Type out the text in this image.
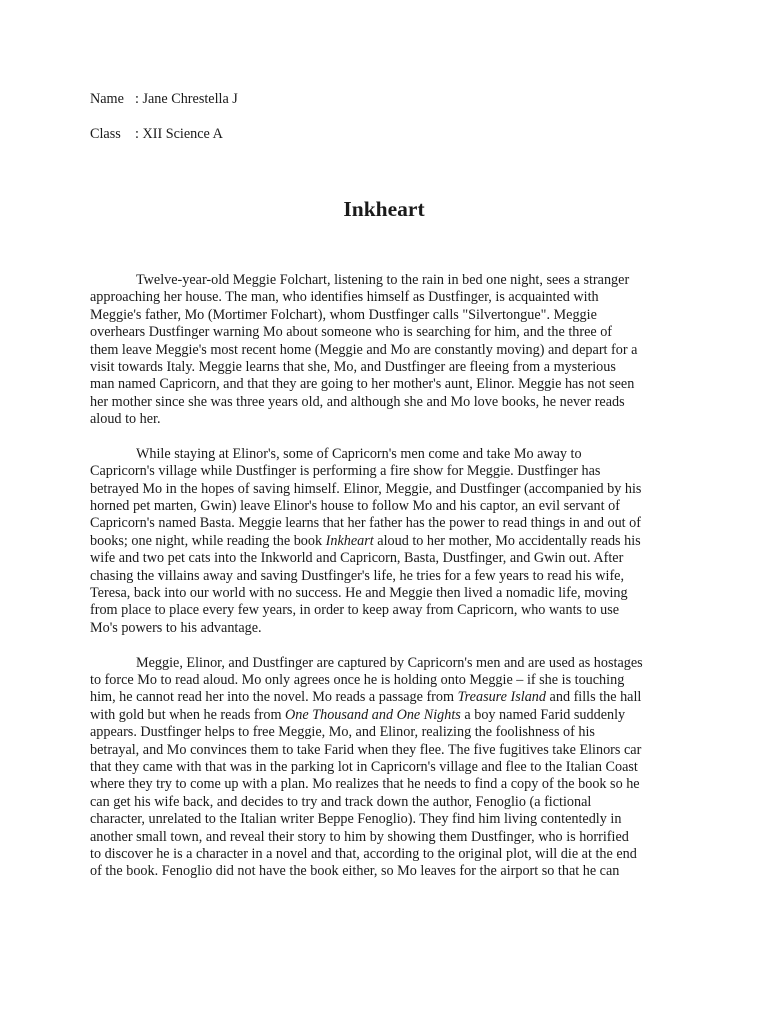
Name : Jane Chrestella J
Class : XII Science A
Inkheart
Twelve-year-old Meggie Folchart, listening to the rain in bed one night, sees a stranger
approaching her house. The man, who identifies himself as Dustfinger, is acquainted with
Meggie's father, Mo (Mortimer Folchart), whom Dustfinger calls "Silvertongue". Meggie
overhears Dustfinger warning Mo about someone who is searching for him, and the three of
them leave Meggie's most recent home (Meggie and Mo are constantly moving) and depart for a
visit towards Italy. Meggie learns that she, Mo, and Dustfinger are fleeing from a mysterious
man named Capricorn, and that they are going to her mother's aunt, Elinor. Meggie has not seen
her mother since she was three years old, and although she and Mo love books, he never reads
aloud to her.
While staying at Elinor's, some of Capricorn's men come and take Mo away to
Capricorn's village while Dustfinger is performing a fire show for Meggie. Dustfinger has
betrayed Mo in the hopes of saving himself. Elinor, Meggie, and Dustfinger (accompanied by his
horned pet marten, Gwin) leave Elinor's house to follow Mo and his captor, an evil servant of
Capricorn's named Basta. Meggie learns that her father has the power to read things in and out of
books; one night, while reading the book Inkheart aloud to her mother, Mo accidentally reads his
wife and two pet cats into the Inkworld and Capricorn, Basta, Dustfinger, and Gwin out. After
chasing the villains away and saving Dustfinger's life, he tries for a few years to read his wife,
Teresa, back into our world with no success. He and Meggie then lived a nomadic life, moving
from place to place every few years, in order to keep away from Capricorn, who wants to use
Mo's powers to his advantage.
Meggie, Elinor, and Dustfinger are captured by Capricorn's men and are used as hostages
to force Mo to read aloud. Mo only agrees once he is holding onto Meggie – if she is touching
him, he cannot read her into the novel. Mo reads a passage from Treasure Island and fills the hall
with gold but when he reads from One Thousand and One Nights a boy named Farid suddenly
appears. Dustfinger helps to free Meggie, Mo, and Elinor, realizing the foolishness of his
betrayal, and Mo convinces them to take Farid when they flee. The five fugitives take Elinors car
that they came with that was in the parking lot in Capricorn's village and flee to the Italian Coast
where they try to come up with a plan. Mo realizes that he needs to find a copy of the book so he
can get his wife back, and decides to try and track down the author, Fenoglio (a fictional
character, unrelated to the Italian writer Beppe Fenoglio). They find him living contentedly in
another small town, and reveal their story to him by showing them Dustfinger, who is horrified
to discover he is a character in a novel and that, according to the original plot, will die at the end
of the book. Fenoglio did not have the book either, so Mo leaves for the airport so that he can
